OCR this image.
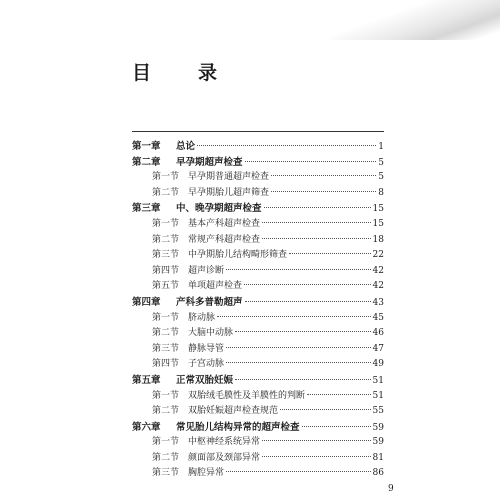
目　录
第一章	总论	1
第二章	早孕期超声检查	5
第一节 早孕期普通超声检查	5
第二节 早孕期胎儿超声筛查	8
第三章	中、晚孕期超声检查	15
第一节 基本产科超声检查	15
第二节 常规产科超声检查	18
第三节 中孕期胎儿结构畸形筛查	22
第四节 超声诊断	42
第五节 单项超声检查	42
第四章	产科多普勒超声	43
第一节 脐动脉	45
第二节 大脑中动脉	46
第三节 静脉导管	47
第四节 子宫动脉	49
第五章	正常双胎妊娠	51
第一节 双胎绒毛膜性及羊膜性的判断	51
第二节 双胎妊娠超声检查规范	55
第六章	常见胎儿结构异常的超声检查	59
第一节 中枢神经系统异常	59
第二节 颜面部及颈部异常	81
第三节 胸腔异常	86
9
